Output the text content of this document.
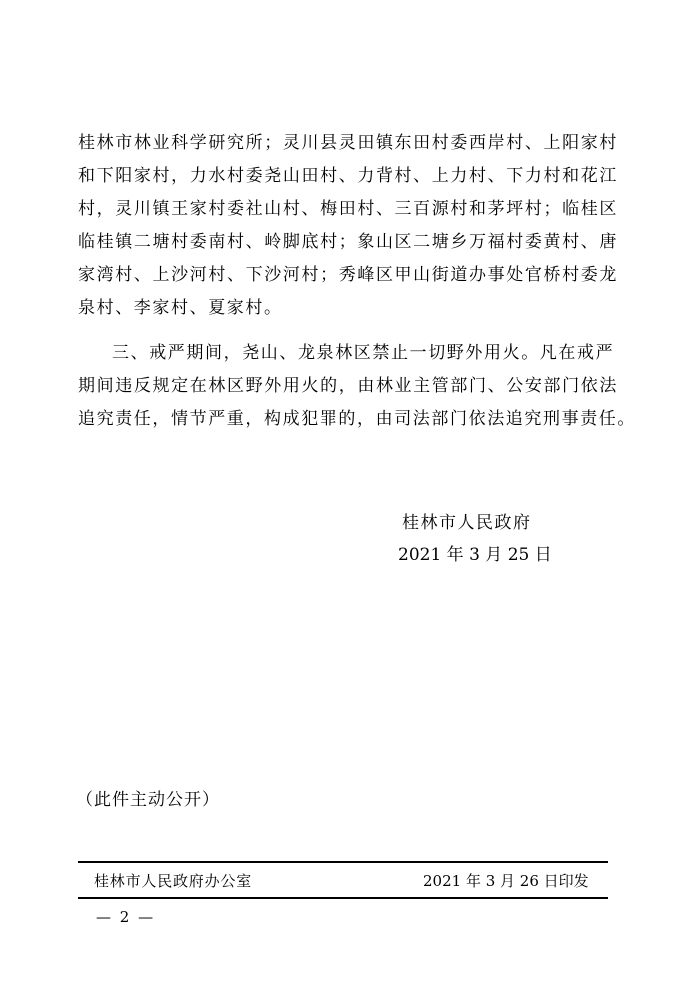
桂林市林业科学研究所；灵川县灵田镇东田村委西岸村、上阳家村
和下阳家村，力水村委尧山田村、力背村、上力村、下力村和花江
村，灵川镇王家村委社山村、梅田村、三百源村和茅坪村；临桂区
临桂镇二塘村委南村、岭脚底村；象山区二塘乡万福村委黄村、唐
家湾村、上沙河村、下沙河村；秀峰区甲山街道办事处官桥村委龙
泉村、李家村、夏家村。
三、戒严期间，尧山、龙泉林区禁止一切野外用火。凡在戒严
期间违反规定在林区野外用火的，由林业主管部门、公安部门依法
追究责任，情节严重，构成犯罪的，由司法部门依法追究刑事责任。
桂林市人民政府
2021 年 3 月 25 日
（此件主动公开）
桂林市人民政府办公室	2021 年 3 月 26 日印发
— 2 —
